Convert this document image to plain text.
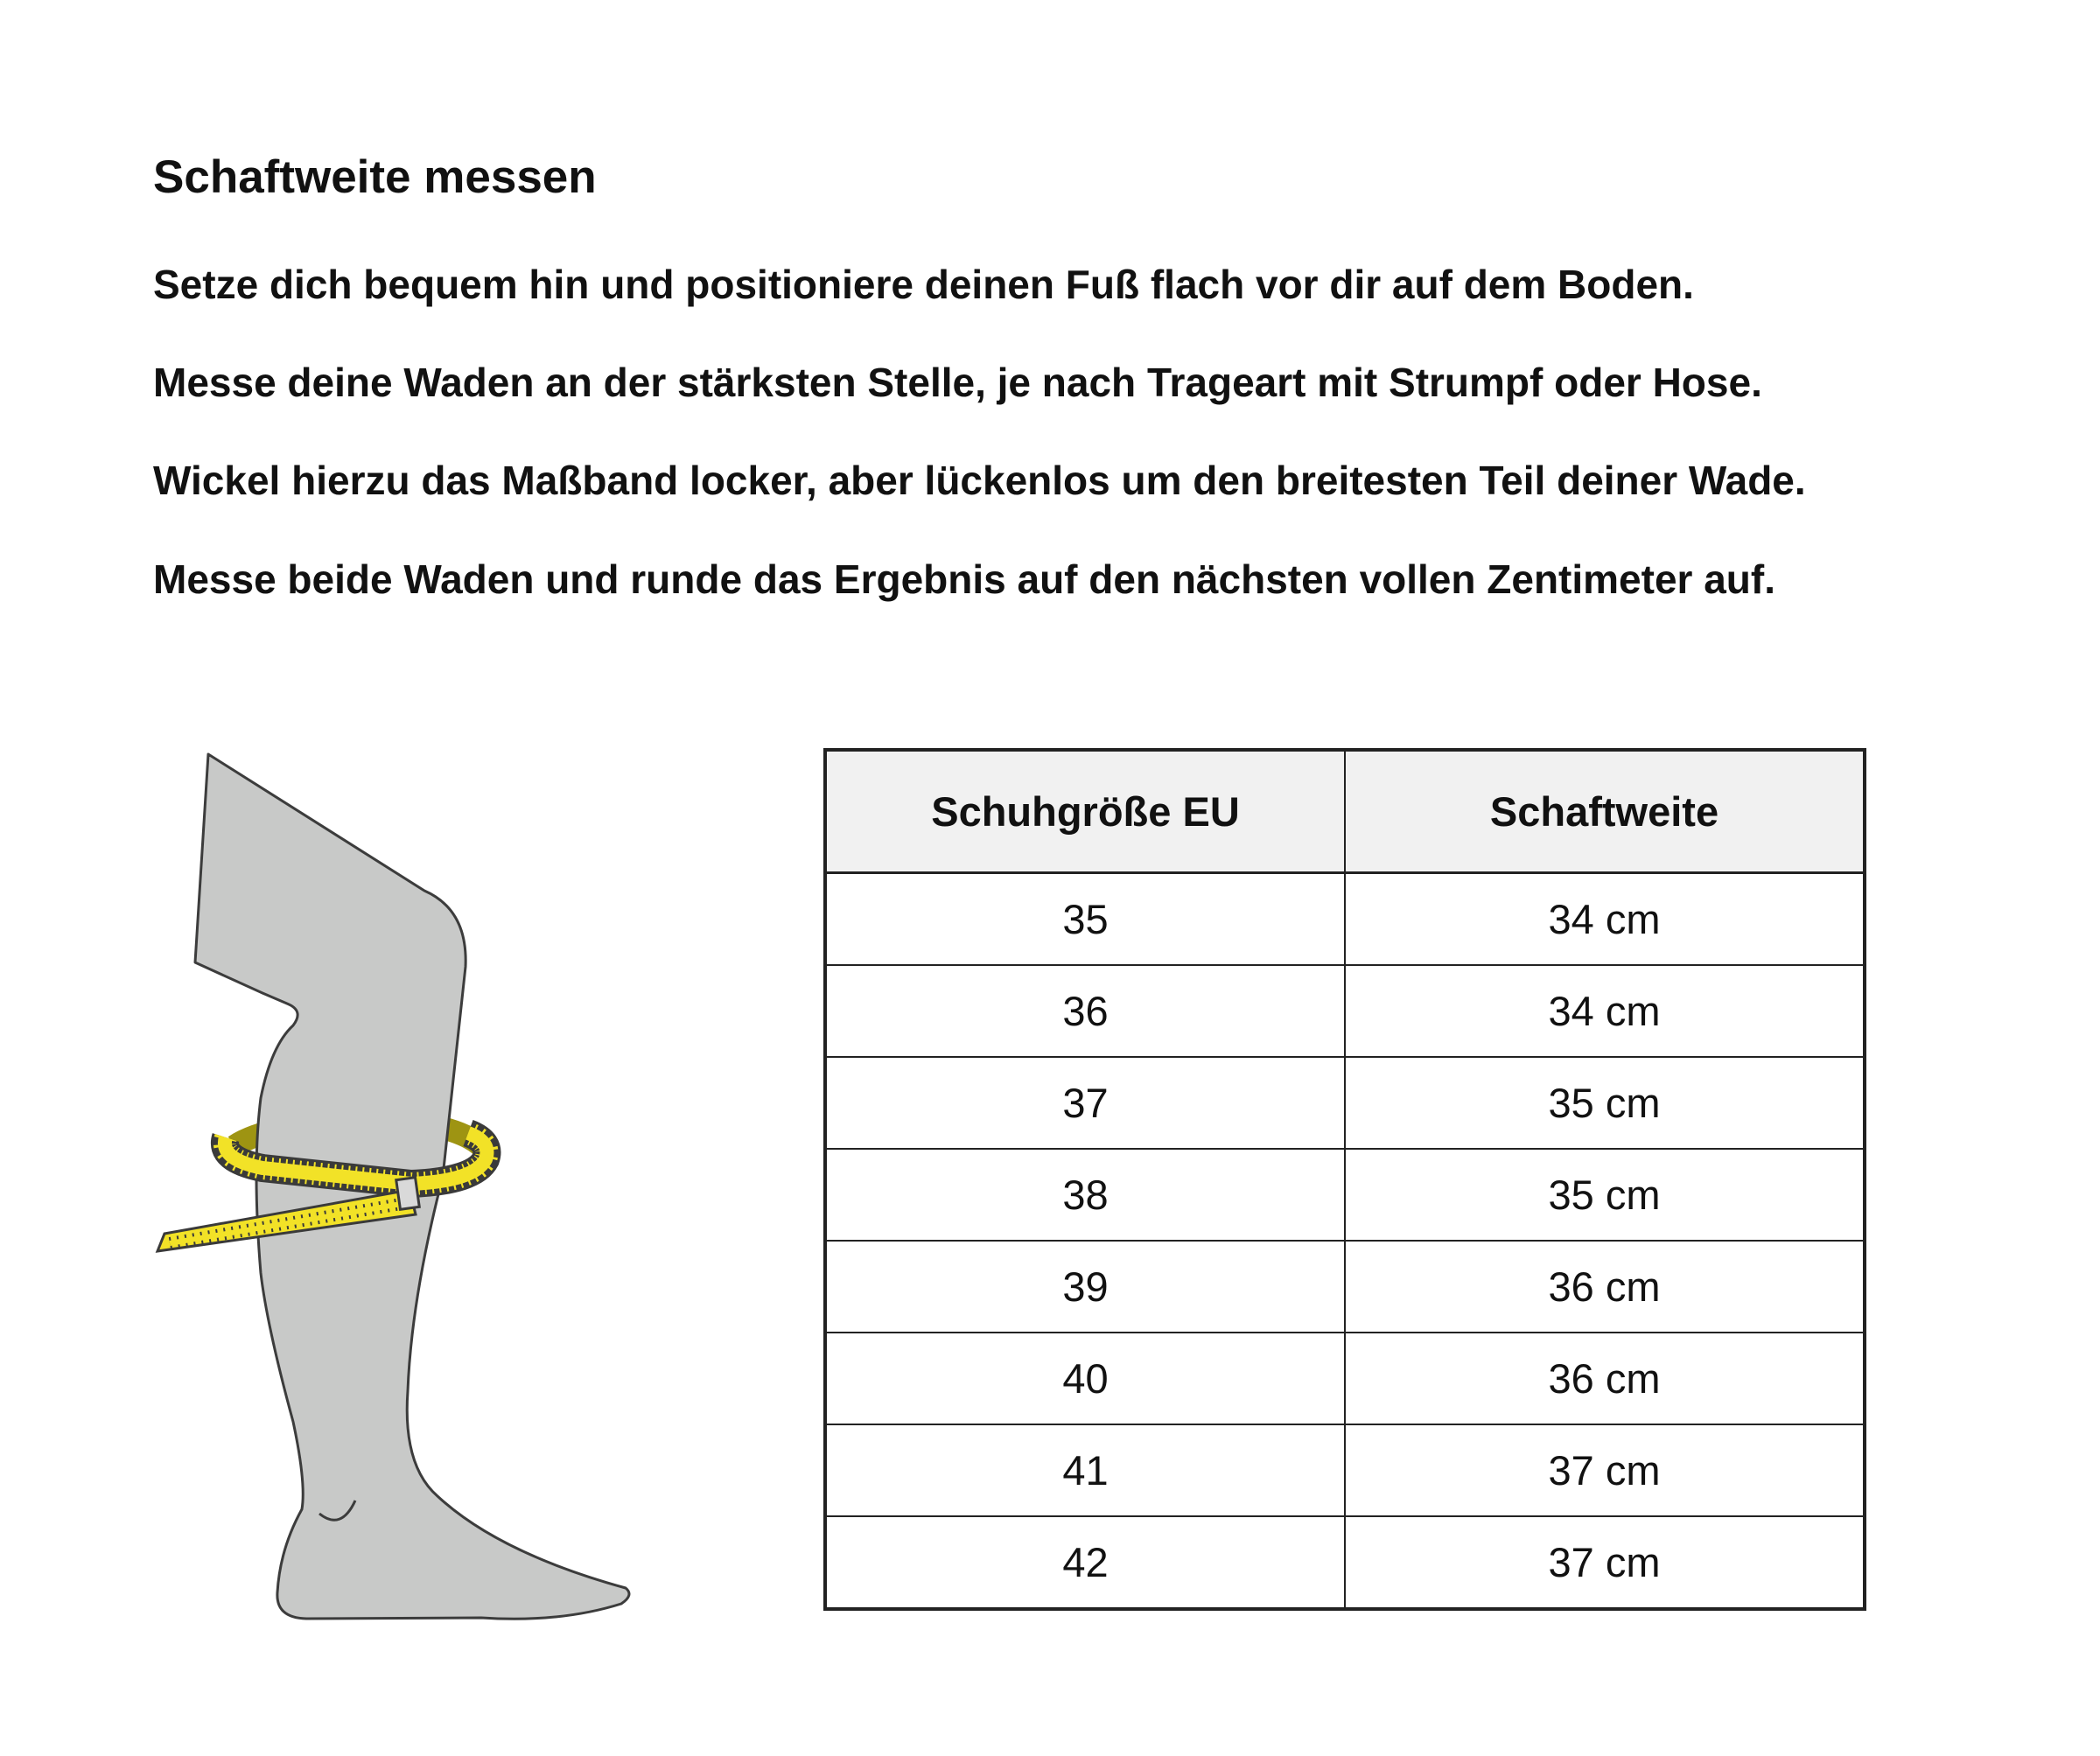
Schaftweite messen

Setze dich bequem hin und positioniere deinen Fuß flach vor dir auf dem Boden.

Messe deine Waden an der stärksten Stelle, je nach Trageart mit Strumpf oder Hose.

Wickel hierzu das Maßband locker, aber lückenlos um den breitesten Teil deiner Wade.

Messe beide Waden und runde das Ergebnis auf den nächsten vollen Zentimeter auf.

Schuhgröße EU	Schaftweite
35	34 cm
36	34 cm
37	35 cm
38	35 cm
39	36 cm
40	36 cm
41	37 cm
42	37 cm
